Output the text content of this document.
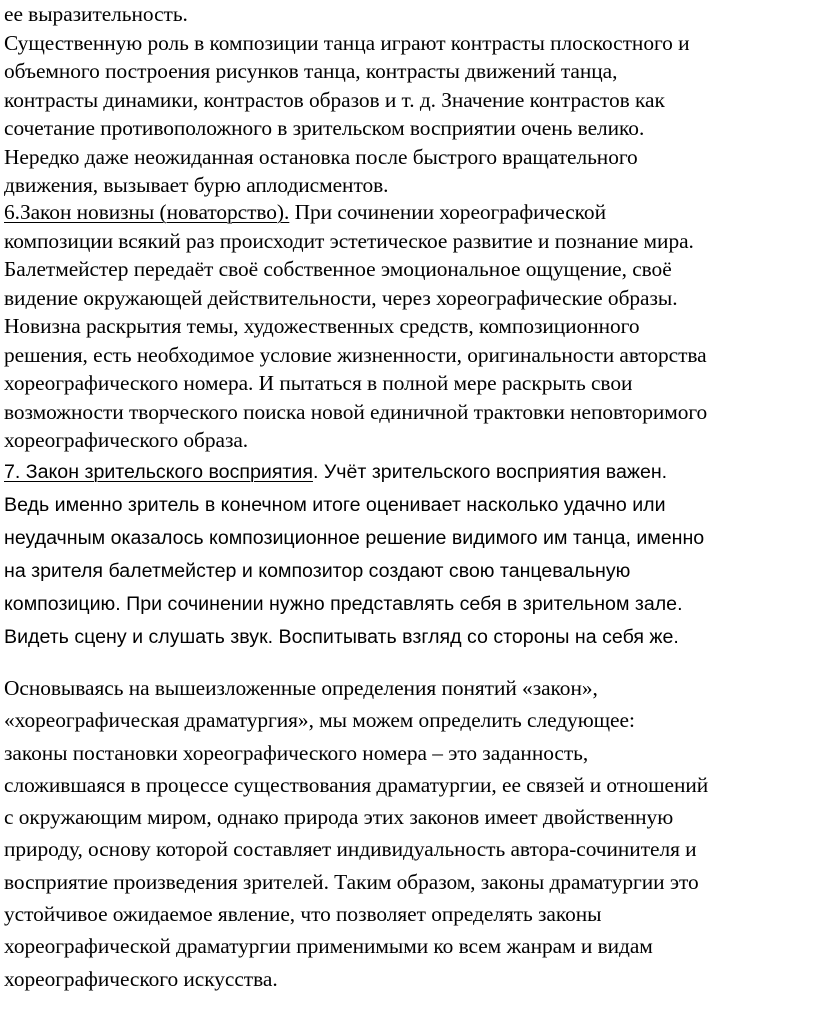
ее выразительность.
Существенную роль в композиции танца играют контрасты плоскостного и
объемного построения рисунков танца, контрасты движений танца,
контрасты динамики, контрастов образов и т. д. Значение контрастов как
сочетание противоположного в зрительском восприятии очень велико.
Нередко даже неожиданная остановка после быстрого вращательного
движения, вызывает бурю аплодисментов.
6.Закон новизны (новаторство). При сочинении хореографической
композиции всякий раз происходит эстетическое развитие и познание мира.
Балетмейстер передаёт своё собственное эмоциональное ощущение, своё
видение окружающей действительности, через хореографические образы.
Новизна раскрытия темы, художественных средств, композиционного
решения, есть необходимое условие жизненности, оригинальности авторства
хореографического номера. И пытаться в полной мере раскрыть свои
возможности творческого поиска новой единичной трактовки неповторимого
хореографического образа.
7. Закон зрительского восприятия. Учёт зрительского восприятия важен.
Ведь именно зритель в конечном итоге оценивает насколько удачно или
неудачным оказалось композиционное решение видимого им танца, именно
на зрителя балетмейстер и композитор создают свою танцевальную
композицию. При сочинении нужно представлять себя в зрительном зале.
Видеть сцену и слушать звук. Воспитывать взгляд со стороны на себя же.
Основываясь на вышеизложенные определения понятий «закон»,
«хореографическая драматургия», мы можем определить следующее:
законы постановки хореографического номера – это заданность,
сложившаяся в процессе существования драматургии, ее связей и отношений
с окружающим миром, однако природа этих законов имеет двойственную
природу, основу которой составляет индивидуальность автора-сочинителя и
восприятие произведения зрителей. Таким образом, законы драматургии это
устойчивое ожидаемое явление, что позволяет определять законы
хореографической драматургии применимыми ко всем жанрам и видам
хореографического искусства.
